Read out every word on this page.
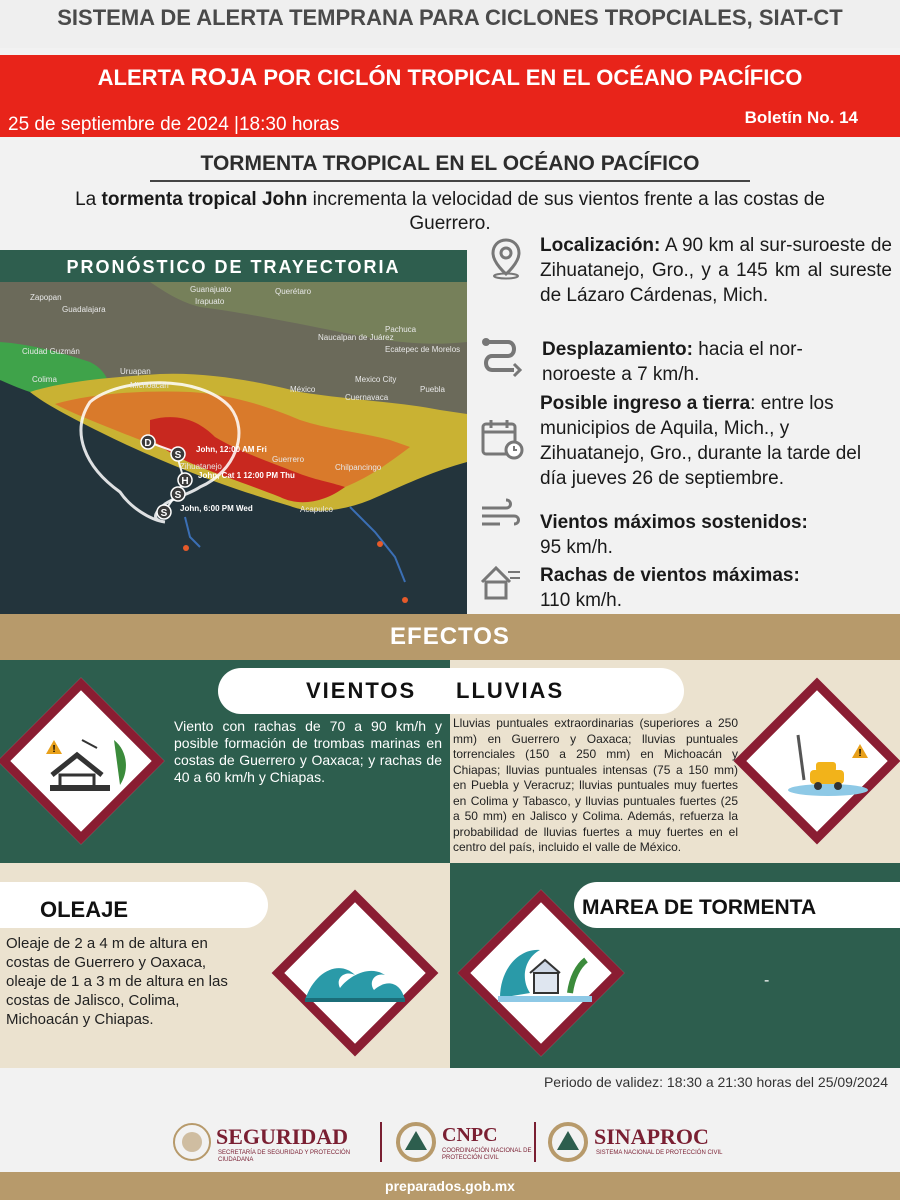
SISTEMA DE ALERTA TEMPRANA PARA CICLONES TROPCIALES, SIAT-CT
ALERTA ROJA POR CICLÓN TROPICAL EN EL OCÉANO PACÍFICO
25 de septiembre de 2024 |18:30 horas	Boletín No. 14
TORMENTA TROPICAL EN EL OCÉANO PACÍFICO
La tormenta tropical John incrementa la velocidad de sus vientos frente a las costas de Guerrero.
PRONÓSTICO DE TRAYECTORIA
D
S
H
S
S
Zapopan
Guadalajara
Guanajuato
Irapuato
Querétaro
Pachuca
Ciudad Guzmán
Colima
Uruapan
Michoacán	México
Naucalpan de Juárez
Ecatepec de Morelos
Mexico City
Cuernavaca
Puebla
Guerrero
Chilpancingo
Acapulco
Zihuatanejo
John, 12:00 AM Fri
John, Cat 1 12:00 PM Thu
John, 6:00 PM Wed
Localización: A 90 km al sur-suroeste de Zihuatanejo, Gro., y a 145 km al sureste de Lázaro Cárdenas, Mich.
Desplazamiento: hacia el nor-noroeste a 7 km/h.
Posible ingreso a tierra: entre los municipios de Aquila, Mich., y Zihuatanejo, Gro., durante la tarde del día jueves 26 de septiembre.
Vientos máximos sostenidos:
95 km/h.
Rachas de vientos máximas:
110 km/h.
EFECTOS
VIENTOS LLUVIAS
!
Viento con rachas de 70 a 90 km/h y posible formación de trombas marinas en costas de Guerrero y Oaxaca; y rachas de 40 a 60 km/h y Chiapas.
Lluvias puntuales extraordinarias (superiores a 250 mm) en Guerrero y Oaxaca; lluvias puntuales torrenciales (150 a 250 mm) en Michoacán y Chiapas; lluvias puntuales intensas (75 a 150 mm) en Puebla y Veracruz; lluvias puntuales muy fuertes en Colima y Tabasco, y lluvias puntuales fuertes (25 a 50 mm) en Jalisco y Colima. Además, refuerza la probabilidad de lluvias fuertes a muy fuertes en el centro del país, incluido el valle de México.
!
OLEAJE
Oleaje de 2 a 4 m de altura en costas de Guerrero y Oaxaca, oleaje de 1 a 3 m de altura en las costas de Jalisco, Colima, Michoacán y Chiapas.
MAREA DE TORMENTA
-
Periodo de validez: 18:30 a 21:30 horas del 25/09/2024
SEGURIDAD
SECRETARÍA DE SEGURIDAD Y PROTECCIÓN CIUDADANA
CNPC
COORDINACIÓN NACIONAL DE PROTECCIÓN CIVIL
SINAPROC
SISTEMA NACIONAL DE PROTECCIÓN CIVIL
preparados.gob.mx
